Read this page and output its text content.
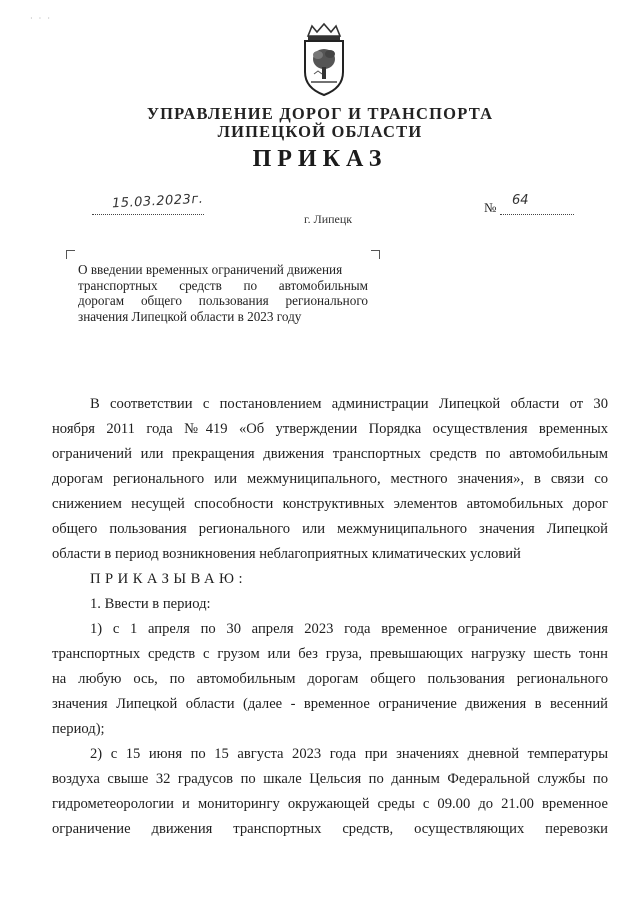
· · ·
УПРАВЛЕНИЕ ДОРОГ И ТРАНСПОРТА
ЛИПЕЦКОЙ ОБЛАСТИ
ПРИКАЗ
15.03.2023г.	№ 64
г. Липецк
О введении временных ограничений движения
транспортных средств по автомобильным
дорогам общего пользования регионального
значения Липецкой области в 2023 году
В соответствии с постановлением администрации Липецкой области от 30
ноября 2011 года №419 «Об утверждении Порядка осуществления временных
ограничений или прекращения движения транспортных средств по автомобильным
дорогам регионального или межмуниципального, местного значения», в связи со
снижением несущей способности конструктивных элементов автомобильных дорог
общего пользования регионального или межмуниципального значения Липецкой
области в период возникновения неблагоприятных климатических условий
ПРИКАЗЫВАЮ:
1. Ввести в период:
1) с 1 апреля по 30 апреля 2023 года временное ограничение движения
транспортных средств с грузом или без груза, превышающих нагрузку шесть тонн
на любую ось, по автомобильным дорогам общего пользования регионального
значения Липецкой области (далее - временное ограничение движения в весенний
период);
2) с 15 июня по 15 августа 2023 года при значениях дневной температуры
воздуха свыше 32 градусов по шкале Цельсия по данным Федеральной службы по
гидрометеорологии и мониторингу окружающей среды с 09.00 до 21.00 временное
ограничение движения транспортных средств, осуществляющих перевозки
